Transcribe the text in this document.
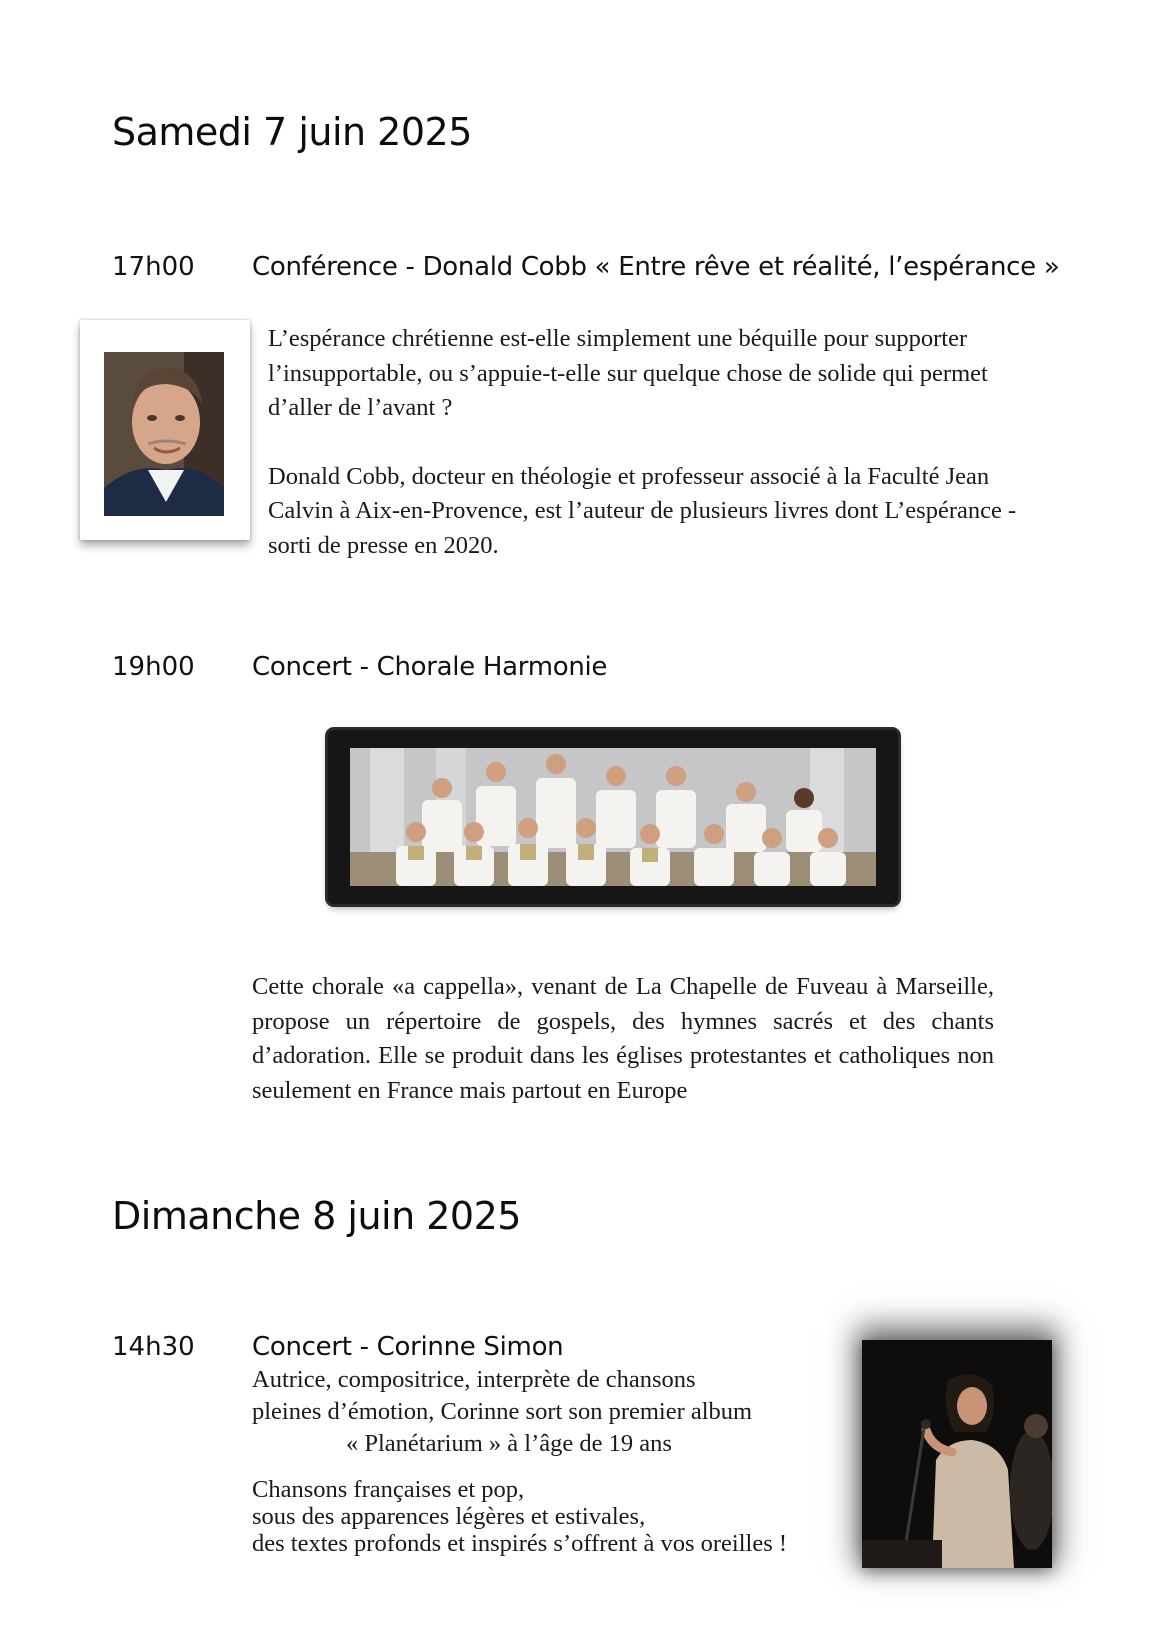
Samedi 7 juin 2025
17h00 Conférence - Donald Cobb « Entre rêve et réalité, l’espérance »

L’espérance chrétienne est-elle simplement une béquille pour supporter l’insupportable, ou s’appuie-t-elle sur quelque chose de solide qui permet d’aller de l’avant ?

Donald Cobb, docteur en théologie et professeur associé à la Faculté Jean Calvin à Aix-en-Provence, est l’auteur de plusieurs livres dont L’espérance - sorti de presse en 2020.

19h00 Concert - Chorale Harmonie

Cette chorale «a cappella», venant de La Chapelle de Fuveau à Marseille, propose un répertoire de gospels, des hymnes sacrés et des chants d’adoration. Elle se produit dans les églises protestantes et catholiques non seulement en France mais partout en Europe

Dimanche 8 juin 2025
14h30 Concert - Corinne Simon

Autrice, compositrice, interprète de chansons

pleines d’émotion, Corinne sort son premier album

« Planétarium » à l’âge de 19 ans

Chansons françaises et pop,

sous des apparences légères et estivales,

des textes profonds et inspirés s’offrent à vos oreilles !
